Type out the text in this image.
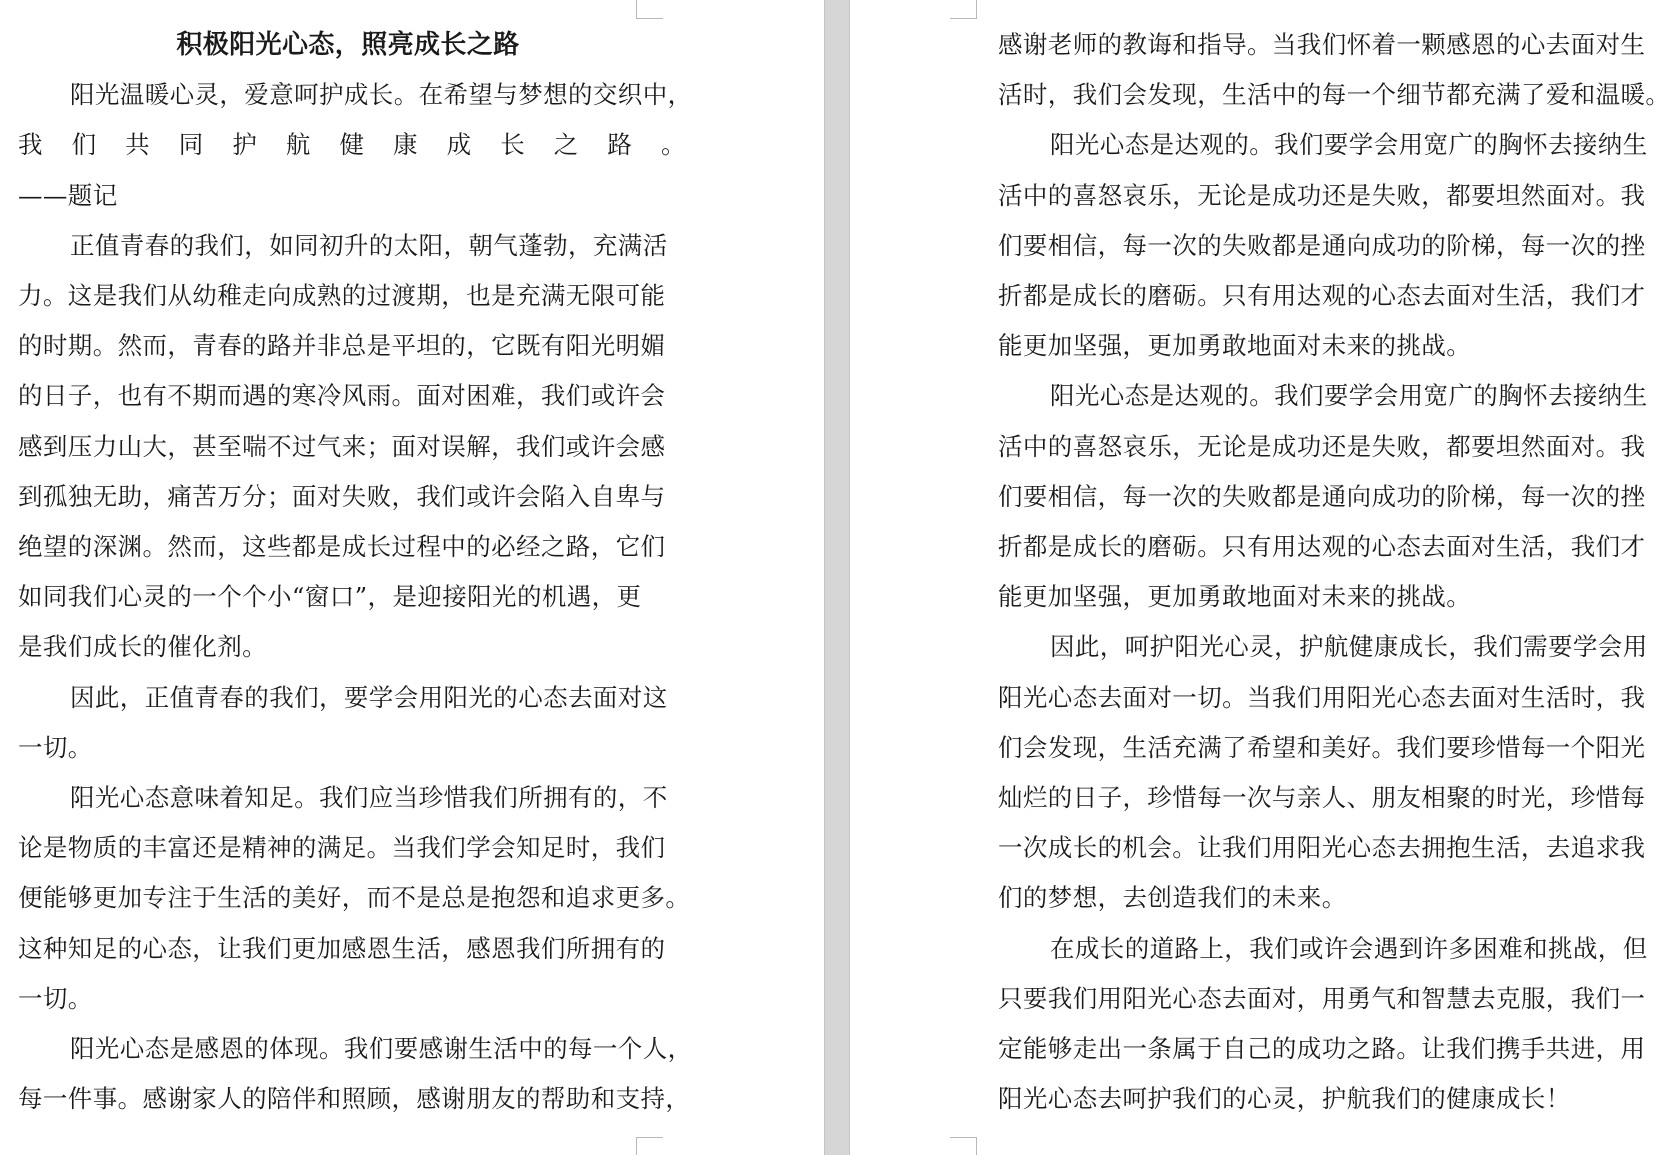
积极阳光心态，照亮成长之路
阳光温暖心灵，爱意呵护成长。在希望与梦想的交织中，
我 们 共 同 护 航 健 康 成 长 之 路 。
——题记
正值青春的我们，如同初升的太阳，朝气蓬勃，充满活
力。这是我们从幼稚走向成熟的过渡期，也是充满无限可能
的时期。然而，青春的路并非总是平坦的，它既有阳光明媚
的日子，也有不期而遇的寒冷风雨。面对困难，我们或许会
感到压力山大，甚至喘不过气来；面对误解，我们或许会感
到孤独无助，痛苦万分；面对失败，我们或许会陷入自卑与
绝望的深渊。然而，这些都是成长过程中的必经之路，它们
如同我们心灵的一个个小“窗口”，是迎接阳光的机遇，更
是我们成长的催化剂。
因此，正值青春的我们，要学会用阳光的心态去面对这
一切。
阳光心态意味着知足。我们应当珍惜我们所拥有的，不
论是物质的丰富还是精神的满足。当我们学会知足时，我们
便能够更加专注于生活的美好，而不是总是抱怨和追求更多。
这种知足的心态，让我们更加感恩生活，感恩我们所拥有的
一切。
阳光心态是感恩的体现。我们要感谢生活中的每一个人，
每一件事。感谢家人的陪伴和照顾，感谢朋友的帮助和支持，
感谢老师的教诲和指导。当我们怀着一颗感恩的心去面对生
活时，我们会发现，生活中的每一个细节都充满了爱和温暖。
阳光心态是达观的。我们要学会用宽广的胸怀去接纳生
活中的喜怒哀乐，无论是成功还是失败，都要坦然面对。我
们要相信，每一次的失败都是通向成功的阶梯，每一次的挫
折都是成长的磨砺。只有用达观的心态去面对生活，我们才
能更加坚强，更加勇敢地面对未来的挑战。
阳光心态是达观的。我们要学会用宽广的胸怀去接纳生
活中的喜怒哀乐，无论是成功还是失败，都要坦然面对。我
们要相信，每一次的失败都是通向成功的阶梯，每一次的挫
折都是成长的磨砺。只有用达观的心态去面对生活，我们才
能更加坚强，更加勇敢地面对未来的挑战。
因此，呵护阳光心灵，护航健康成长，我们需要学会用
阳光心态去面对一切。当我们用阳光心态去面对生活时，我
们会发现，生活充满了希望和美好。我们要珍惜每一个阳光
灿烂的日子，珍惜每一次与亲人、朋友相聚的时光，珍惜每
一次成长的机会。让我们用阳光心态去拥抱生活，去追求我
们的梦想，去创造我们的未来。
在成长的道路上，我们或许会遇到许多困难和挑战，但
只要我们用阳光心态去面对，用勇气和智慧去克服，我们一
定能够走出一条属于自己的成功之路。让我们携手共进，用
阳光心态去呵护我们的心灵，护航我们的健康成长！
